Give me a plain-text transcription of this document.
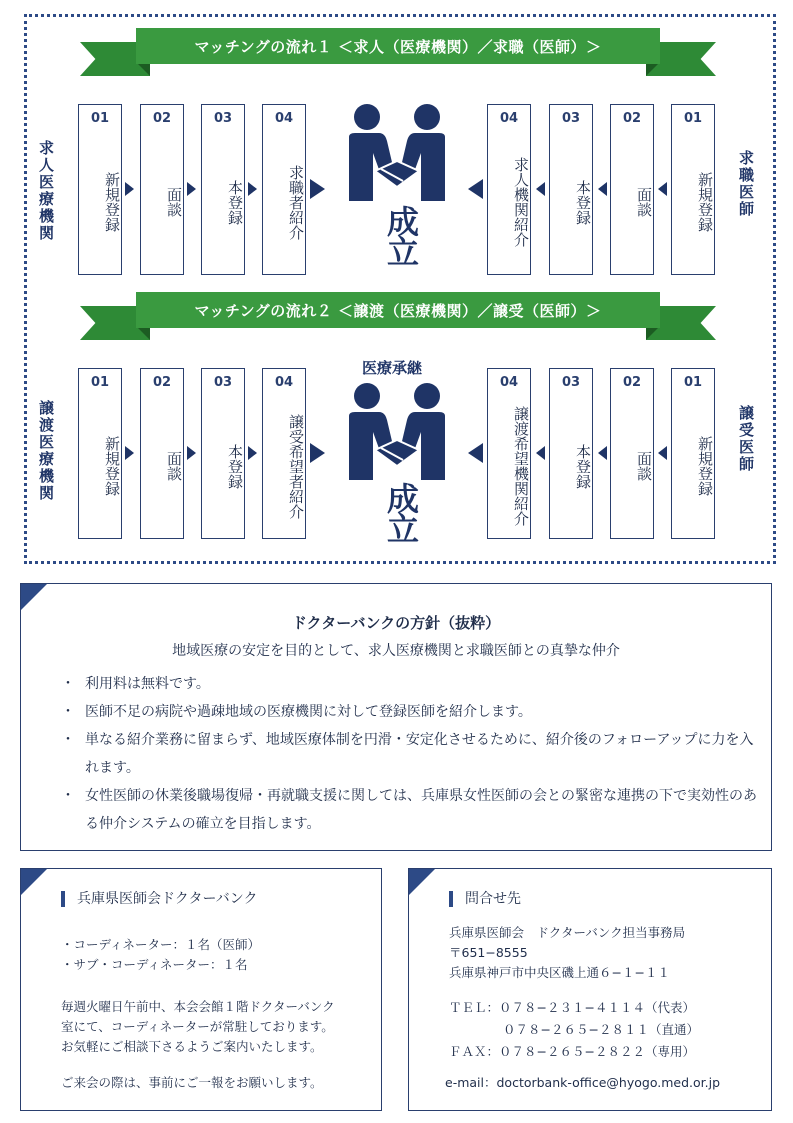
マッチングの流れ１ ＜求人（医療機関）／求職（医師）＞
求人医療機関	求職医師
01
新規登録
02
面談
03
本登録
04
求職者紹介
04
求人機関紹介
03
本登録
02
面談
01
新規登録
成立
マッチングの流れ２ ＜譲渡（医療機関）／譲受（医師）＞
医療承継
譲渡医療機関	譲受医師
01
新規登録
02
面談
03
本登録
04
譲受希望者紹介
04
譲渡希望機関紹介
03
本登録
02
面談
01
新規登録
成立
ドクターバンクの方針（抜粋）
地域医療の安定を目的として、求人医療機関と求職医師との真摯な仲介
・ 利用料は無料です。
・ 医師不足の病院や過疎地域の医療機関に対して登録医師を紹介します。
・ 単なる紹介業務に留まらず、地域医療体制を円滑・安定化させるために、紹介後のフォローアップに力を入れます。
・ 女性医師の休業後職場復帰・再就職支援に関しては、兵庫県女性医師の会との緊密な連携の下で実効性のある仲介システムの確立を目指します。
兵庫県医師会ドクターバンク
・コーディネーター：１名（医師）
・サブ・コーディネーター：１名
毎週火曜日午前中、本会会館１階ドクターバンク
室にて、コーディネーターが常駐しております。
お気軽にご相談下さるようご案内いたします。
ご来会の際は、事前にご一報をお願いします。
問合せ先
兵庫県医師会　ドクターバンク担当事務局
〒651−8555
兵庫県神戸市中央区磯上通６−１−１１
ＴＥＬ：０７８−２３１−４１１４（代表）
０７８−２６５−２８１１（直通）
ＦＡＸ：０７８−２６５−２８２２（専用）
e-mail：doctorbank-office@hyogo.med.or.jp
